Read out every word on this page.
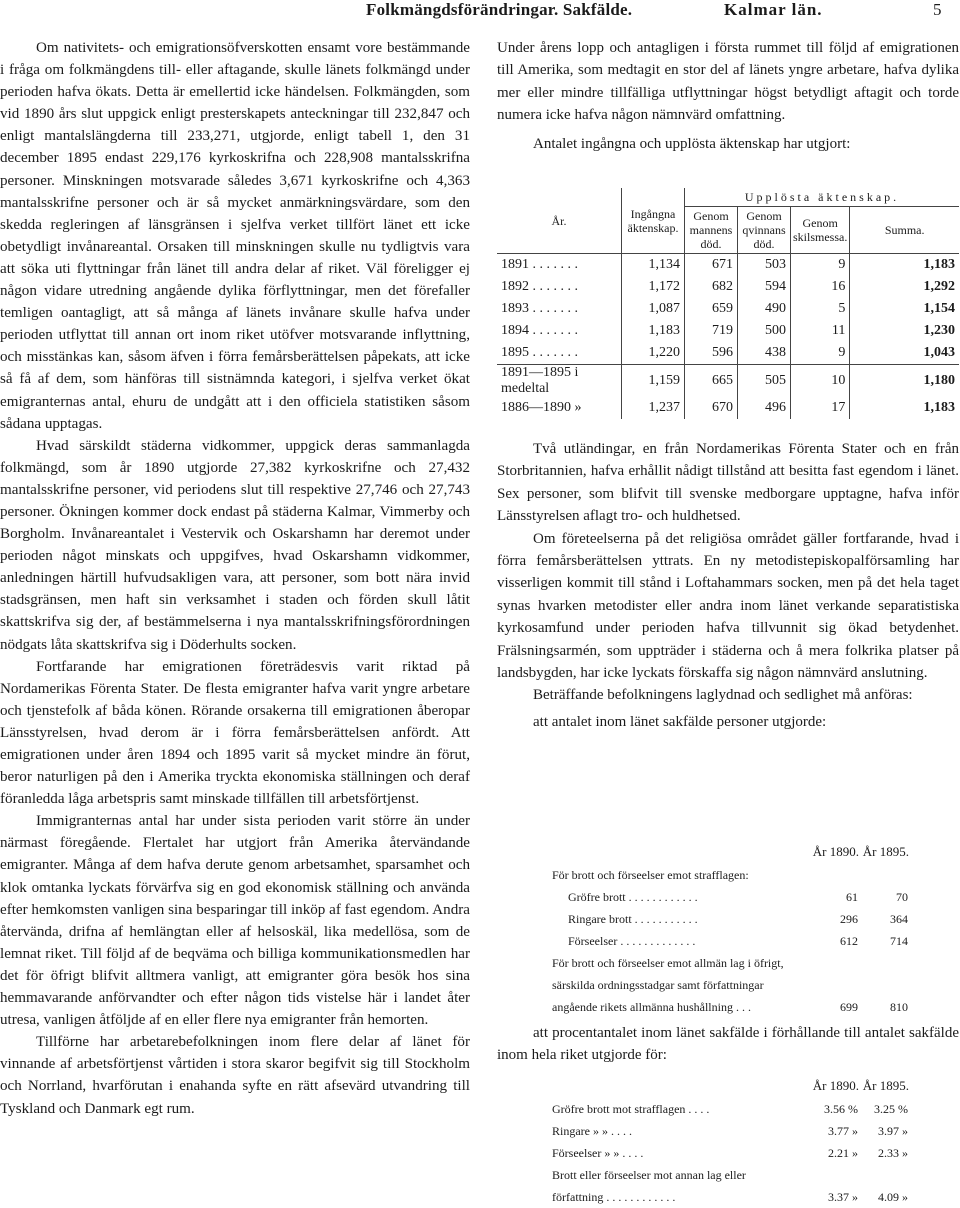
Folkmängdsförändringar. Sakfälde.	Kalmar län.	5

Om nativitets- och emigrationsöfverskotten ensamt vore bestämmande i fråga om folkmängdens till- eller aftagande, skulle länets folkmängd under perioden hafva ökats. Detta är emellertid icke händelsen. Folkmängden, som vid 1890 års slut uppgick enligt presterskapets anteckningar till 232,847 och enligt mantalslängderna till 233,271, utgjorde, enligt tabell 1, den 31 december 1895 endast 229,176 kyrkoskrifna och 228,908 mantalsskrifna personer. Minskningen motsvarade således 3,671 kyrkoskrifne och 4,363 mantalsskrifne personer och är så mycket anmärkningsvärdare, som den skedda regleringen af länsgränsen i sjelfva verket tillfört länet ett icke obetydligt invånareantal. Orsaken till minskningen skulle nu tydligtvis vara att söka uti flyttningar från länet till andra delar af riket. Väl föreligger ej någon vidare utredning angående dylika förflyttningar, men det förefaller temligen oantagligt, att så många af länets invånare skulle hafva under perioden utflyttat till annan ort inom riket utöfver motsvarande inflyttning, och misstänkas kan, såsom äfven i förra femårsberättelsen påpekats, att icke så få af dem, som hänföras till sistnämnda kategori, i sjelfva verket ökat emigranternas antal, ehuru de undgått att i den officiela statistiken såsom sådana upptagas.

Hvad särskildt städerna vidkommer, uppgick deras sammanlagda folkmängd, som år 1890 utgjorde 27,382 kyrkoskrifne och 27,432 mantalsskrifne personer, vid periodens slut till respektive 27,746 och 27,743 personer. Ökningen kommer dock endast på städerna Kalmar, Vimmerby och Borgholm. Invånareantalet i Vestervik och Oskarshamn har deremot under perioden något minskats och uppgifves, hvad Oskarshamn vidkommer, anledningen härtill hufvudsakligen vara, att personer, som bott nära invid stadsgränsen, men haft sin verksamhet i staden och förden skull låtit skattskrifva sig der, af bestämmelserna i nya mantalsskrifningsförordningen nödgats låta skattskrifva sig i Döderhults socken.

Fortfarande har emigrationen företrädesvis varit riktad på Nordamerikas Förenta Stater. De flesta emigranter hafva varit yngre arbetare och tjenstefolk af båda könen. Rörande orsakerna till emigrationen åberopar Länsstyrelsen, hvad derom är i förra femårsberättelsen anfördt. Att emigrationen under åren 1894 och 1895 varit så mycket mindre än förut, beror naturligen på den i Amerika tryckta ekonomiska ställningen och deraf föranledda låga arbetspris samt minskade tillfällen till arbetsförtjenst.

Immigranternas antal har under sista perioden varit större än under närmast föregående. Flertalet har utgjort från Amerika återvändande emigranter. Många af dem hafva derute genom arbetsamhet, sparsamhet och klok omtanka lyckats förvärfva sig en god ekonomisk ställning och använda efter hemkomsten vanligen sina besparingar till inköp af fast egendom. Andra återvända, drifna af hemlängtan eller af helsoskäl, lika medellösa, som de lemnat riket. Till följd af de beqväma och billiga kommunikationsmedlen har det för öfrigt blifvit alltmera vanligt, att emigranter göra besök hos sina hemmavarande anförvandter och efter någon tids vistelse här i landet åter utresa, vanligen åtföljde af en eller flere nya emigranter från hemorten.

Tillförne har arbetarebefolkningen inom flere delar af länet för vinnande af arbetsförtjenst vårtiden i stora skaror begifvit sig till Stockholm och Norrland, hvarförutan i enahanda syfte en rätt afsevärd utvandring till Tyskland och Danmark egt rum.

Under årens lopp och antagligen i första rummet till följd af emigrationen till Amerika, som medtagit en stor del af länets yngre arbetare, hafva dylika mer eller mindre tillfälliga utflyttningar högst betydligt aftagit och torde numera icke hafva någon nämnvärd omfattning.

Antalet ingångna och upplösta äktenskap har utgjort:

År.	Ingångna äktenskap.	Upplösta äktenskap.			
		Genom mannens död.	Genom qvinnans död.	Genom skilsmessa.	Summa.
1891 . . . . . . .	1,134	671	503	9	1,183
1892 . . . . . . .	1,172	682	594	16	1,292
1893 . . . . . . .	1,087	659	490	5	1,154
1894 . . . . . . .	1,183	719	500	11	1,230
1895 . . . . . . .	1,220	596	438	9	1,043
1891—1895 i medeltal	1,159	665	505	10	1,180
1886—1890 »	1,237	670	496	17	1,183

Två utländingar, en från Nordamerikas Förenta Stater och en från Storbritannien, hafva erhållit nådigt tillstånd att besitta fast egendom i länet. Sex personer, som blifvit till svenske medborgare upptagne, hafva inför Länsstyrelsen aflagt tro- och huldhetsed.

Om företeelserna på det religiösa området gäller fortfarande, hvad i förra femårsberättelsen yttrats. En ny metodistepiskopalförsamling har visserligen kommit till stånd i Loftahammars socken, men på det hela taget synas hvarken metodister eller andra inom länet verkande separatistiska kyrkosamfund under perioden hafva tillvunnit sig ökad betydenhet. Frälsningsarmén, som uppträder i städerna och å mera folkrika platser på landsbygden, har icke lyckats förskaffa sig någon nämnvärd anslutning.

Beträffande befolkningens laglydnad och sedlighet må anföras:

att antalet inom länet sakfälde personer utgjorde:

	År 1890.	År 1895.
För brott och förseelser emot strafflagen:		
Gröfre brott . . . . . . . . . . . .	61	70
Ringare brott . . . . . . . . . . .	296	364
Förseelser . . . . . . . . . . . . .	612	714
För brott och förseelser emot allmän lag i öfrigt,		
särskilda ordningsstadgar samt författningar		
angående rikets allmänna hushållning . . .	699	810

att procentantalet inom länet sakfälde i förhållande till antalet sakfälde inom hela riket utgjorde för:

	År 1890.	År 1895.
Gröfre brott mot strafflagen . . . .	3.56 %	3.25 %
Ringare » » . . . .	3.77 »	3.97 »
Förseelser » » . . . .	2.21 »	2.33 »
Brott eller förseelser mot annan lag eller		
författning . . . . . . . . . . . .	3.37 »	4.09 »
